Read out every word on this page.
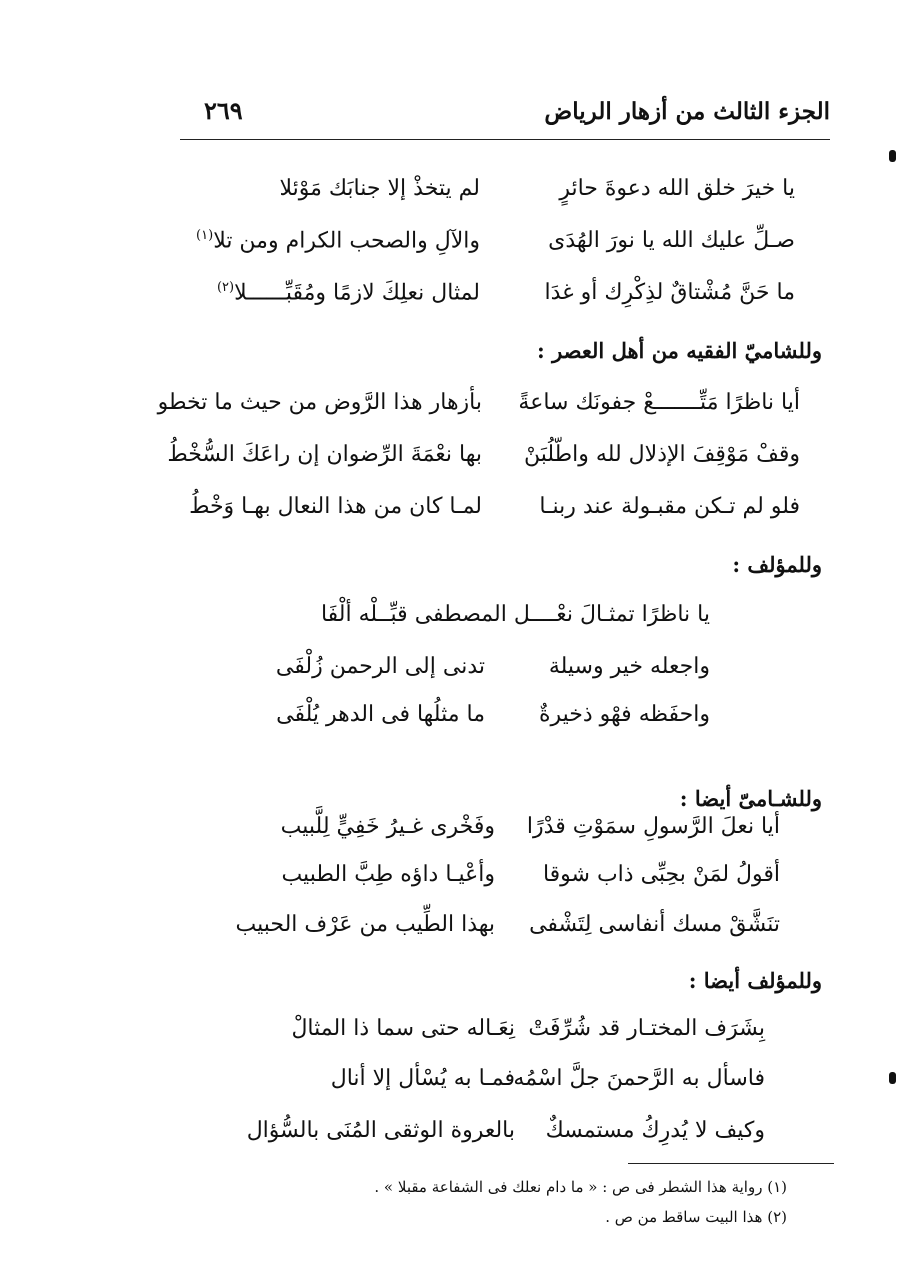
الجزء الثالث من أزهار الرياض
٢٦٩
يا خيرَ خلق الله دعوةَ حائرٍ
لم يتخذْ إلا جنابَك مَوْئلا
صـلِّ عليك الله يا نورَ الهُدَى
والآلِ والصحب الكرام ومن تلا$^{(١)}$
ما حَنَّ مُشْتاقٌ لذِكْرِك أو غدَا
لمثال نعلِكَ لازمًا ومُقَبِّــــــلا$^{(٢)}$
وللشاميّ الفقيه من أهل العصر :
أيا ناظرًا مَتِّـــــــعْ جفونَك ساعةً
بأزهار هذا الرَّوض من حيث ما تخطو
وقفْ مَوْقِفَ الإذلال لله واطّلُبَنْ
بها نعْمَةَ الرِّضوان إن راعَكَ السُّخْطُ
فلو لم تـكن مقبـولة عند ربنـا
لمـا كان من هذا النعال بهـا وَخْطُ
وللمؤلف :
يا ناظرًا تمثـالَ نعْــــل المصطفى قبِّــلْه ألْفَا
واجعله خير وسيلة
تدنى إلى الرحمن زُلْفَى
واحفَظه فهْو ذخيرةٌ
ما مثلُها فى الدهر يُلْفَى
وللشـامىّ أيضا :
أيا نعلَ الرَّسولِ سمَوْتِ قدْرًا
وفَخْرى غـيرُ خَفِيٍّ لِلَّبيب
أقولُ لمَنْ بحِبِّى ذاب شوقا
وأعْيـا داؤه طِبَّ الطبيب
تنَشَّقْ مسك أنفاسى لِتَشْفى
بهذا الطِّيب من عَرْف الحبيب
وللمؤلف أيضا :
بِشَرَف المختـار قد شُرِّفَتْ
نِعَـاله حتى سما ذا المثالْ
فاسأل به الرَّحمنَ جلَّ اسْمُه
فمـا به يُسْأل إلا أنال
وكيف لا يُدرِكُ مستمسكٌ
بالعروة الوثقى المُنَى بالسُّؤال
(١) رواية هذا الشطر فى ص : « ما دام نعلك فى الشفاعة مقبلا » .
(٢) هذا البيت ساقط من ص .
